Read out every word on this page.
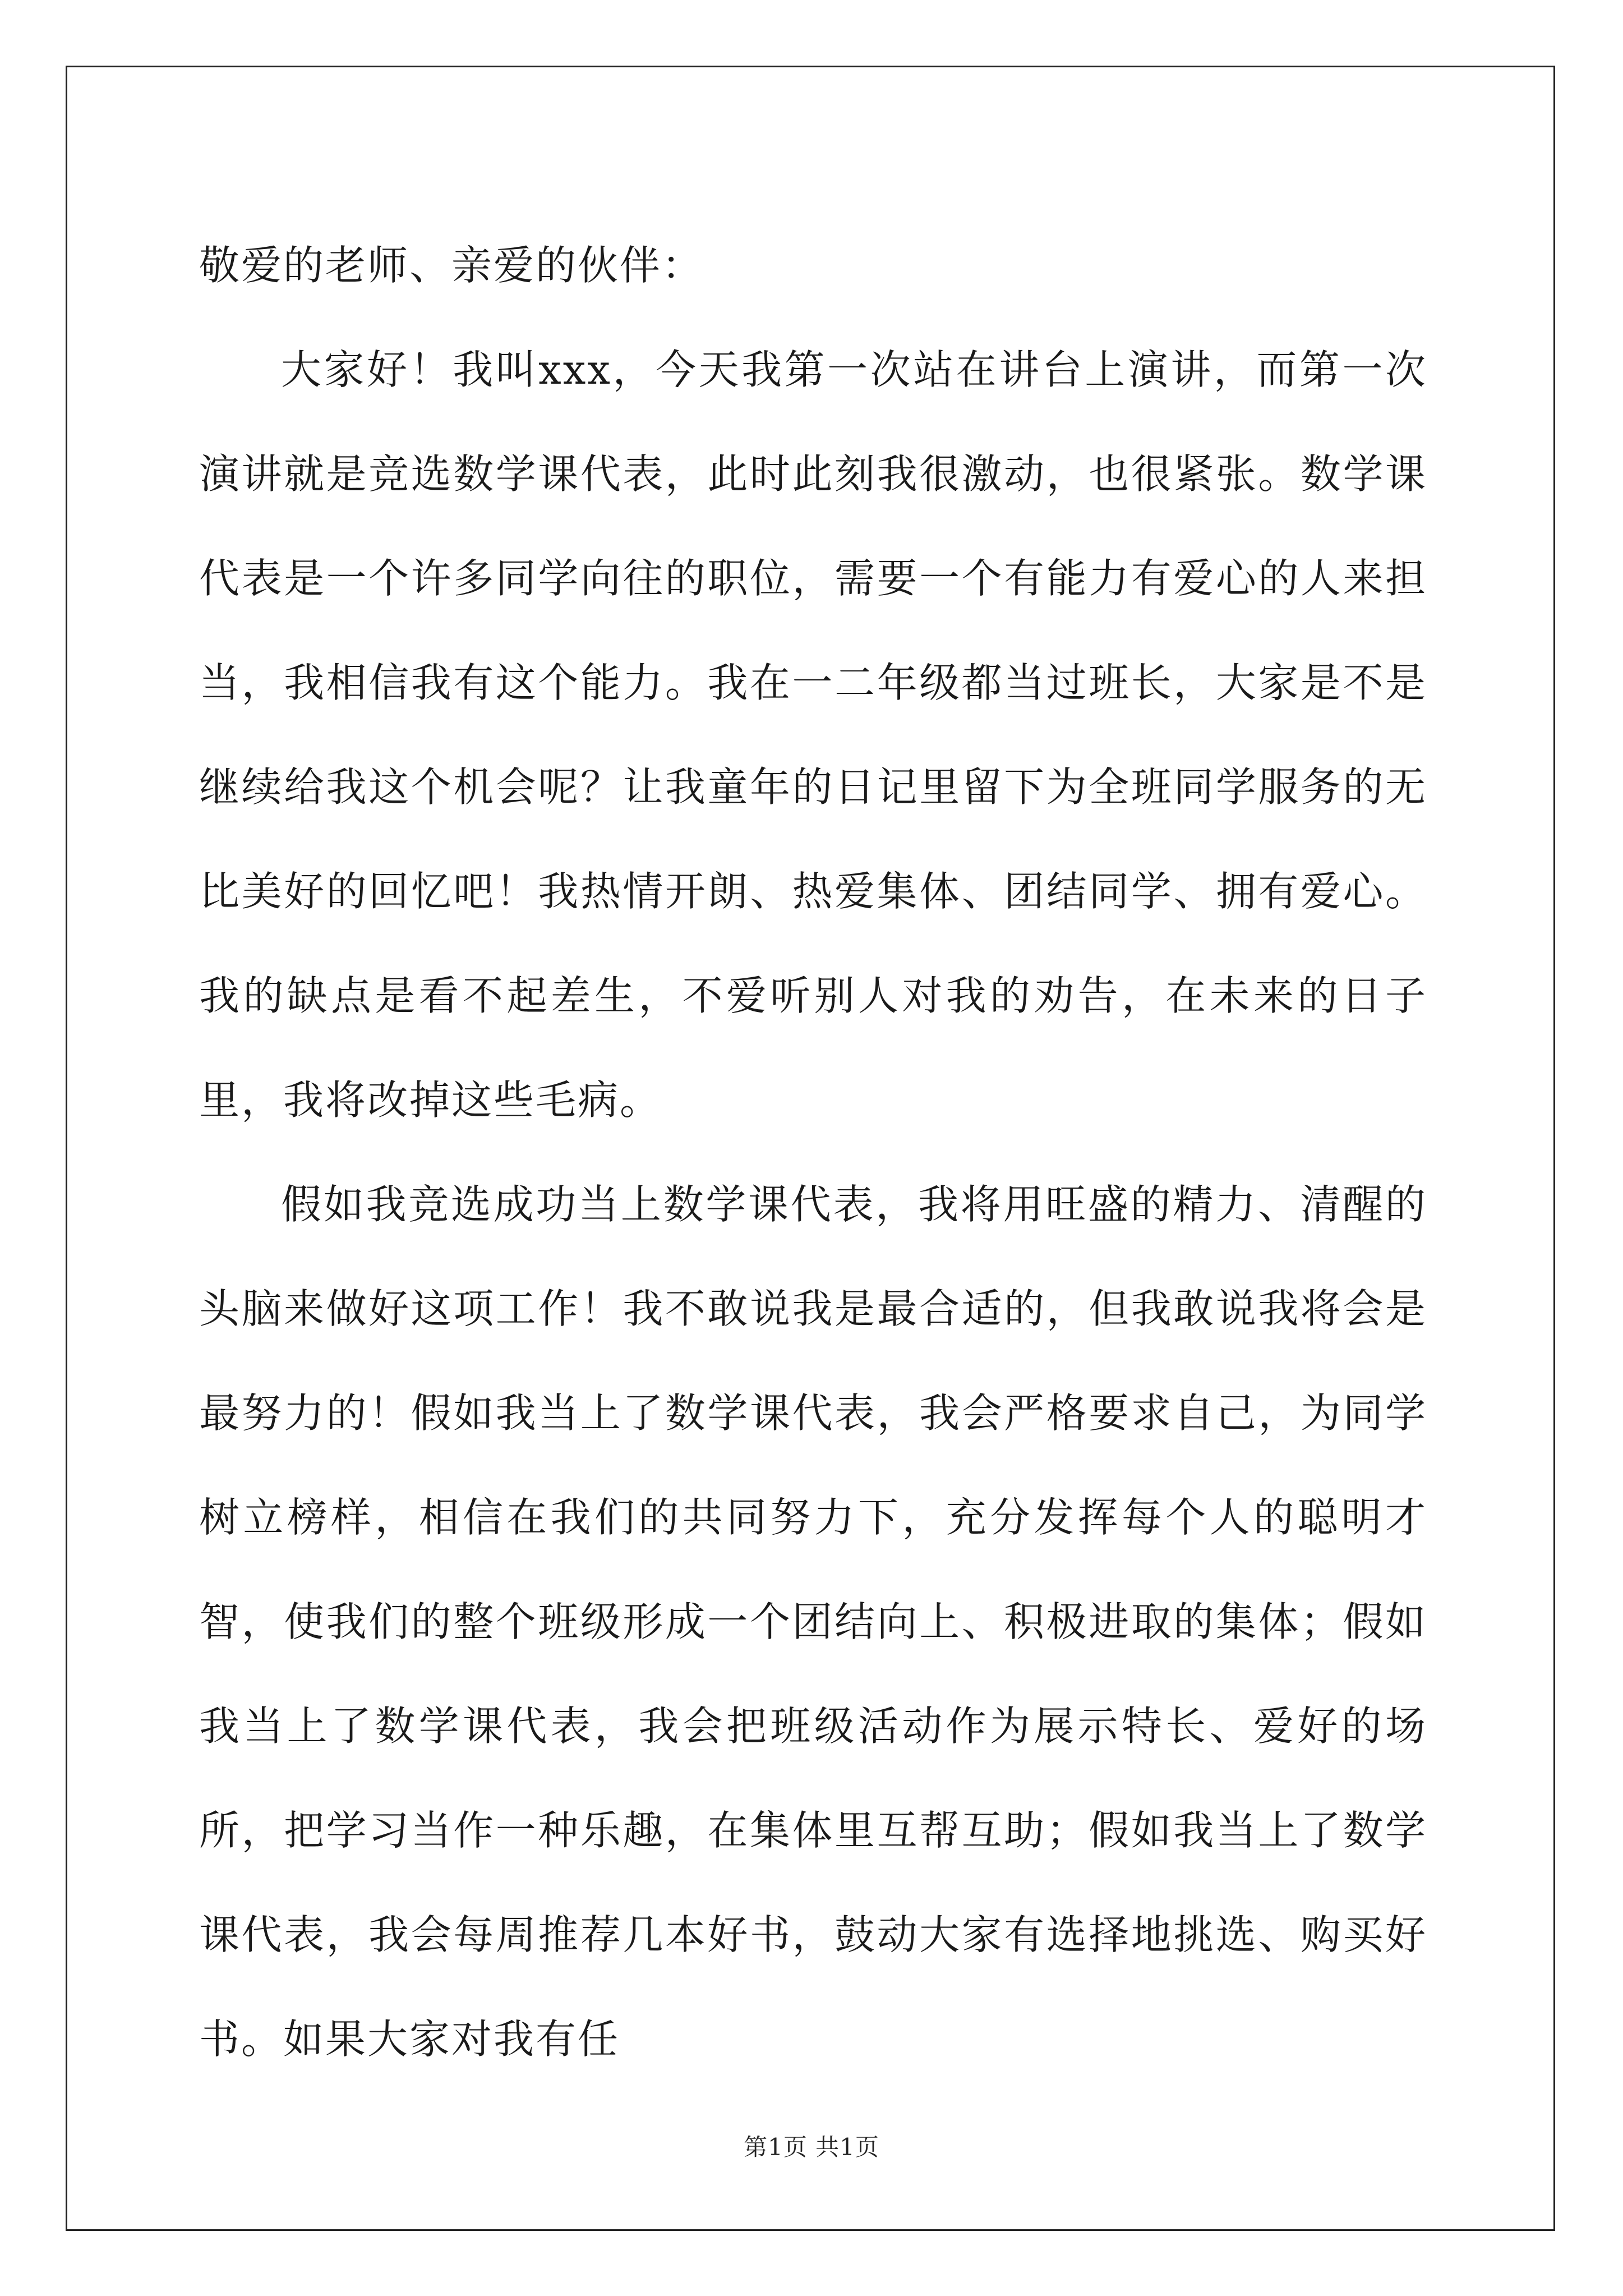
敬爱的老师、亲爱的伙伴：

大家好！我叫xxx，今天我第一次站在讲台上演讲，而第一次演讲就是竞选数学课代表，此时此刻我很激动，也很紧张。数学课代表是一个许多同学向往的职位，需要一个有能力有爱心的人来担当，我相信我有这个能力。我在一二年级都当过班长，大家是不是继续给我这个机会呢？让我童年的日记里留下为全班同学服务的无比美好的回忆吧！我热情开朗、热爱集体、团结同学、拥有爱心。我的缺点是看不起差生，不爱听别人对我的劝告，在未来的日子里，我将改掉这些毛病。

假如我竞选成功当上数学课代表，我将用旺盛的精力、清醒的头脑来做好这项工作！我不敢说我是最合适的，但我敢说我将会是最努力的！假如我当上了数学课代表，我会严格要求自己，为同学树立榜样，相信在我们的共同努力下，充分发挥每个人的聪明才智，使我们的整个班级形成一个团结向上、积极进取的集体；假如我当上了数学课代表，我会把班级活动作为展示特长、爱好的场所，把学习当作一种乐趣，在集体里互帮互助；假如我当上了数学课代表，我会每周推荐几本好书，鼓动大家有选择地挑选、购买好书。如果大家对我有任

第1页 共1页
